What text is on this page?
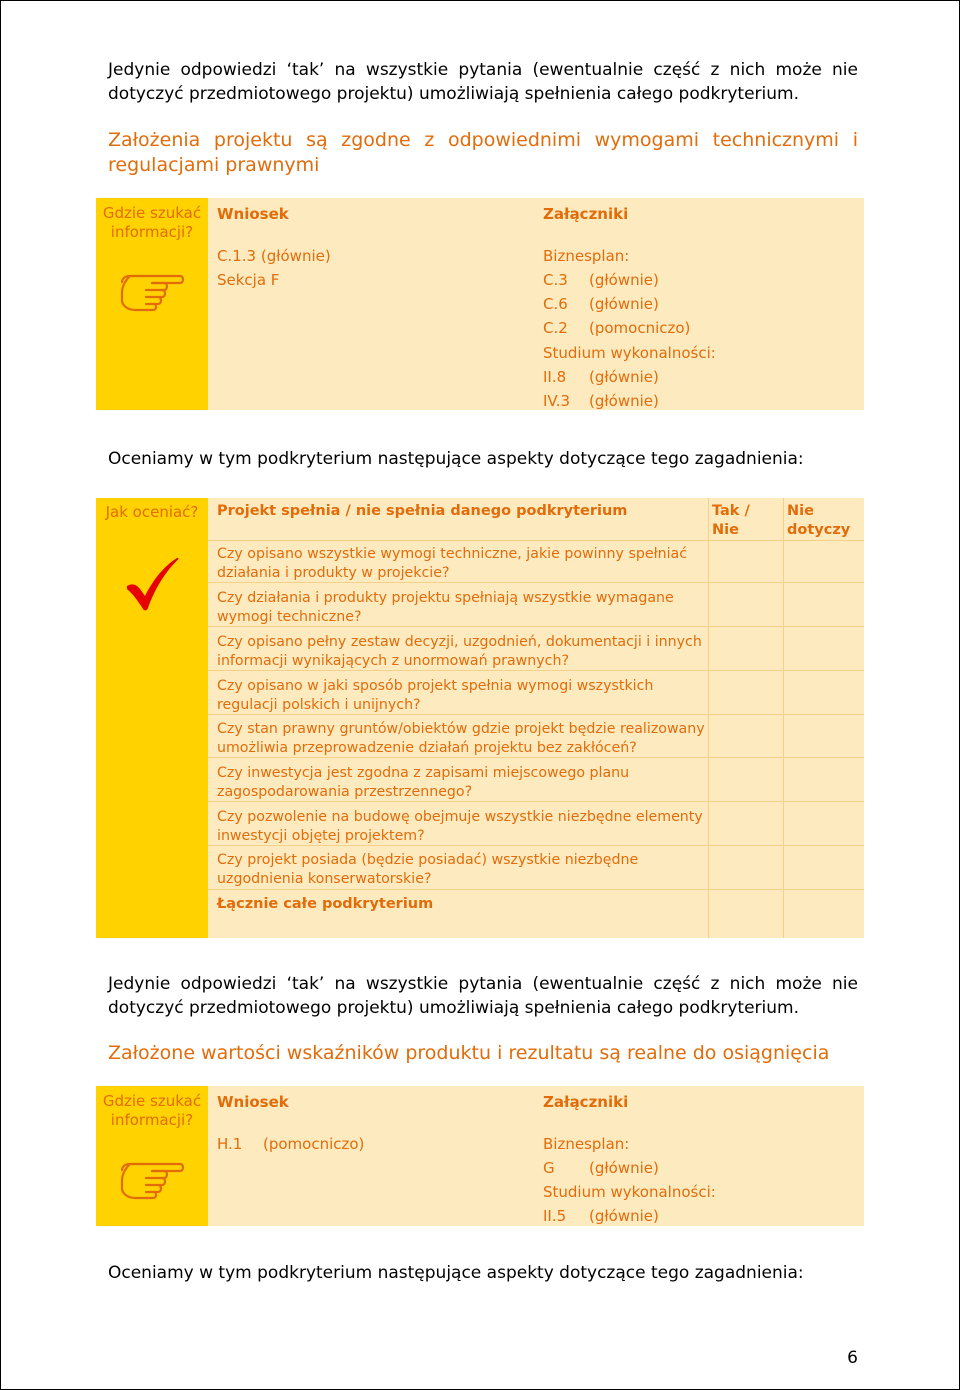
Jedynie odpowiedzi ‘tak’ na wszystkie pytania (ewentualnie część z nich może nie dotyczyć przedmiotowego projektu) umożliwiają spełnienia całego podkryterium.
Założenia projektu są zgodne z odpowiednimi wymogami technicznymi i regulacjami prawnymi
Gdzie szukać informacji?
Wniosek
C.1.3 (głównie)
Sekcja F
Załączniki
Biznesplan:
C.3 (głównie)
C.6 (głównie)
C.2 (pomocniczo)
Studium wykonalności:
II.8 (głównie)
IV.3 (głównie)
Oceniamy w tym podkryterium następujące aspekty dotyczące tego zagadnienia:
Jak oceniać?	Projekt spełnia / nie spełnia danego podkryterium	Tak / Nie
Nie dotyczy
Czy opisano wszystkie wymogi techniczne, jakie powinny spełniać działania i produkty w projekcie?
Czy działania i produkty projektu spełniają wszystkie wymagane wymogi techniczne?
Czy opisano pełny zestaw decyzji, uzgodnień, dokumentacji i innych informacji wynikających z unormowań prawnych?
Czy opisano w jaki sposób projekt spełnia wymogi wszystkich regulacji polskich i unijnych?
Czy stan prawny gruntów/obiektów gdzie projekt będzie realizowany umożliwia przeprowadzenie działań projektu bez zakłóceń?
Czy inwestycja jest zgodna z zapisami miejscowego planu zagospodarowania przestrzennego?
Czy pozwolenie na budowę obejmuje wszystkie niezbędne elementy inwestycji objętej projektem?
Czy projekt posiada (będzie posiadać) wszystkie niezbędne uzgodnienia konserwatorskie?
Łącznie całe podkryterium
Jedynie odpowiedzi ‘tak’ na wszystkie pytania (ewentualnie część z nich może nie dotyczyć przedmiotowego projektu) umożliwiają spełnienia całego podkryterium.
Założone wartości wskaźników produktu i rezultatu są realne do osiągnięcia
Gdzie szukać informacji?
Wniosek
H.1 (pomocniczo)
Załączniki
Biznesplan:
G (głównie)
Studium wykonalności:
II.5 (głównie)
Oceniamy w tym podkryterium następujące aspekty dotyczące tego zagadnienia:
6
